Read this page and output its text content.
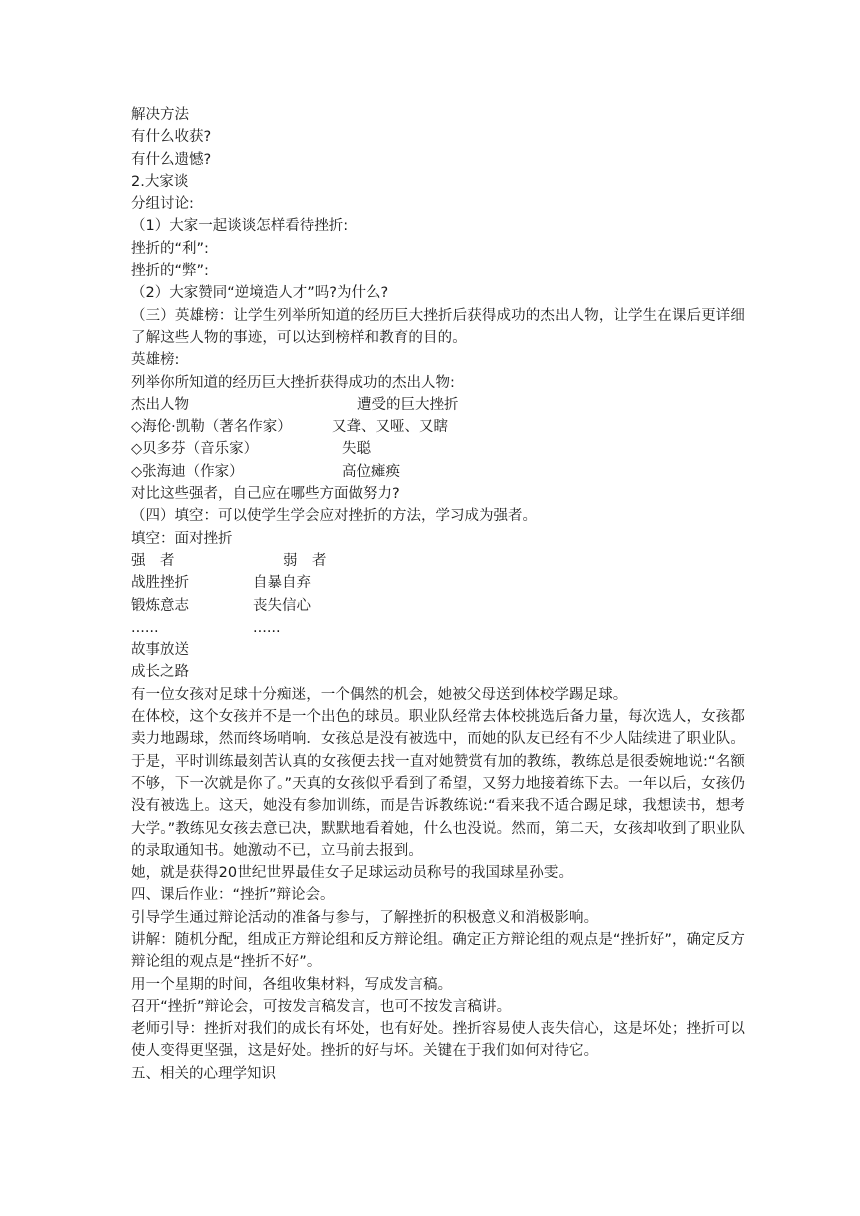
解决方法
有什么收获?
有什么遗憾?
2.大家谈
分组讨论:
（1）大家一起谈谈怎样看待挫折:
挫折的“利”:
挫折的“弊”:
（2）大家赞同“逆境造人才”吗?为什么?
（三）英雄榜：让学生列举所知道的经历巨大挫折后获得成功的杰出人物，让学生在课后更详细了解这些人物的事迹，可以达到榜样和教育的目的。
英雄榜:
列举你所知道的经历巨大挫折获得成功的杰出人物:
杰出人物	遭受的巨大挫折
◇海伦·凯勒（著名作家）	又聋、又哑、又瞎
◇贝多芬（音乐家）	失聪
◇张海迪（作家）	高位瘫痪
对比这些强者，自己应在哪些方面做努力?
（四）填空：可以使学生学会应对挫折的方法，学习成为强者。
填空：面对挫折
强　者	弱　者
战胜挫折	自暴自弃
锻炼意志	丧失信心
......	......
故事放送
成长之路
有一位女孩对足球十分痴迷，一个偶然的机会，她被父母送到体校学踢足球。
在体校，这个女孩并不是一个出色的球员。职业队经常去体校挑选后备力量，每次选人，女孩都卖力地踢球，然而终场哨响．女孩总是没有被选中，而她的队友已经有不少人陆续进了职业队。于是，平时训练最刻苦认真的女孩便去找一直对她赞赏有加的教练，教练总是很委婉地说:“名额不够，下一次就是你了。”天真的女孩似乎看到了希望，又努力地接着练下去。一年以后，女孩仍没有被选上。这天，她没有参加训练，而是告诉教练说:“看来我不适合踢足球，我想读书，想考大学。”教练见女孩去意已决，默默地看着她，什么也没说。然而，第二天，女孩却收到了职业队的录取通知书。她激动不已，立马前去报到。
她，就是获得20世纪世界最佳女子足球运动员称号的我国球星孙雯。
四、课后作业：“挫折”辩论会。
引导学生通过辩论活动的准备与参与，了解挫折的积极意义和消极影响。
讲解：随机分配，组成正方辩论组和反方辩论组。确定正方辩论组的观点是“挫折好”，确定反方辩论组的观点是“挫折不好”。
用一个星期的时间，各组收集材料，写成发言稿。
召开“挫折”辩论会，可按发言稿发言，也可不按发言稿讲。
老师引导：挫折对我们的成长有坏处，也有好处。挫折容易使人丧失信心，这是坏处；挫折可以使人变得更坚强，这是好处。挫折的好与坏。关键在于我们如何对待它。
五、相关的心理学知识
